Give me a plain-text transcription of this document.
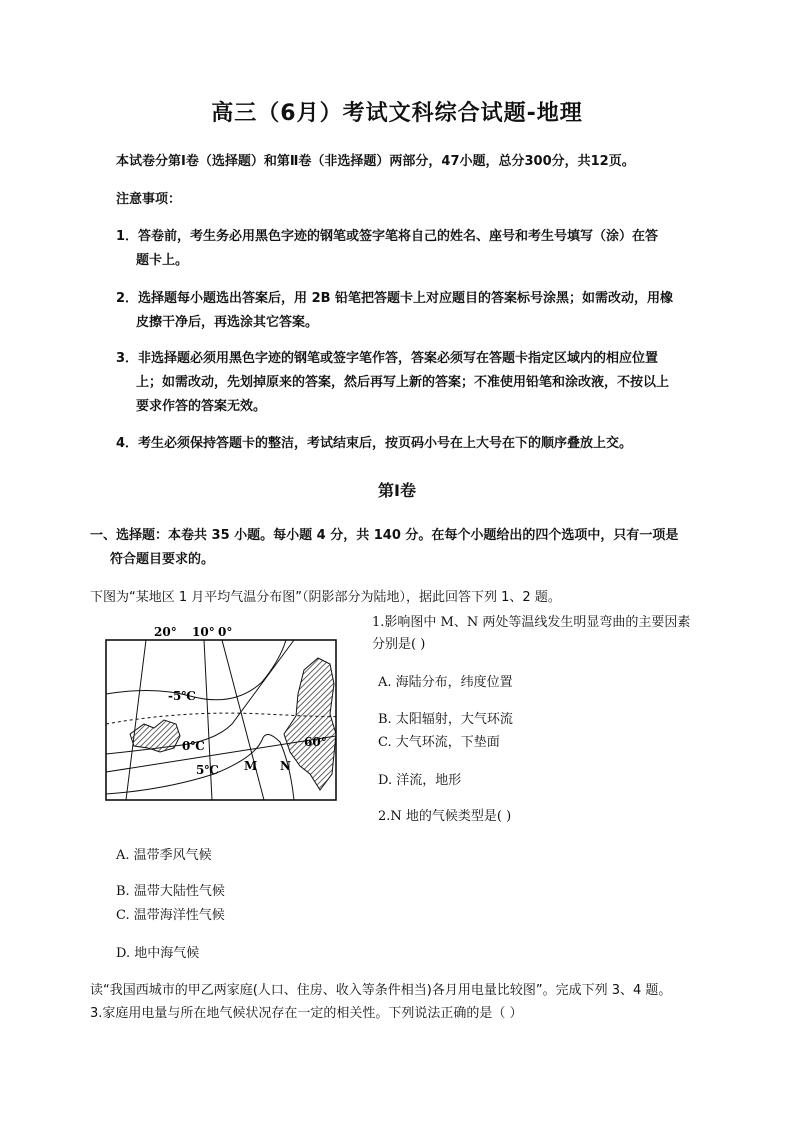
高三（6月）考试文科综合试题-地理
本试卷分第Ⅰ卷（选择题）和第Ⅱ卷（非选择题）两部分，47小题，总分300分，共12页。
注意事项：
1．答卷前，考生务必用黑色字迹的钢笔或签字笔将自己的姓名、座号和考生号填写（涂）在答
题卡上。
2．选择题每小题选出答案后，用 2B 铅笔把答题卡上对应题目的答案标号涂黑；如需改动，用橡
皮擦干净后，再选涂其它答案。
3．非选择题必须用黑色字迹的钢笔或签字笔作答，答案必须写在答题卡指定区域内的相应位置
上；如需改动，先划掉原来的答案，然后再写上新的答案；不准使用铅笔和涂改液，不按以上
要求作答的答案无效。
4．考生必须保持答题卡的整洁，考试结束后，按页码小号在上大号在下的顺序叠放上交。
第Ⅰ卷
一、选择题：本卷共 35 小题。每小题 4 分，共 140 分。在每个小题给出的四个选项中，只有一项是
符合题目要求的。
下图为“某地区 1 月平均气温分布图”（阴影部分为陆地），据此回答下列 1、2 题。
20° 10° 0°
60°
-5℃
0℃
5℃ M N
1.影响图中 M、N 两处等温线发生明显弯曲的主要因素
分别是( )
A. 海陆分布，纬度位置
B. 太阳辐射，大气环流
C. 大气环流，下垫面
D. 洋流，地形
2.N 地的气候类型是( )
A. 温带季风气候
B. 温带大陆性气候
C. 温带海洋性气候
D. 地中海气候
读“我国西城市的甲乙两家庭(人口、住房、收入等条件相当)各月用电量比较图”。完成下列 3、4 题。
3.家庭用电量与所在地气候状况存在一定的相关性。下列说法正确的是（ ）
